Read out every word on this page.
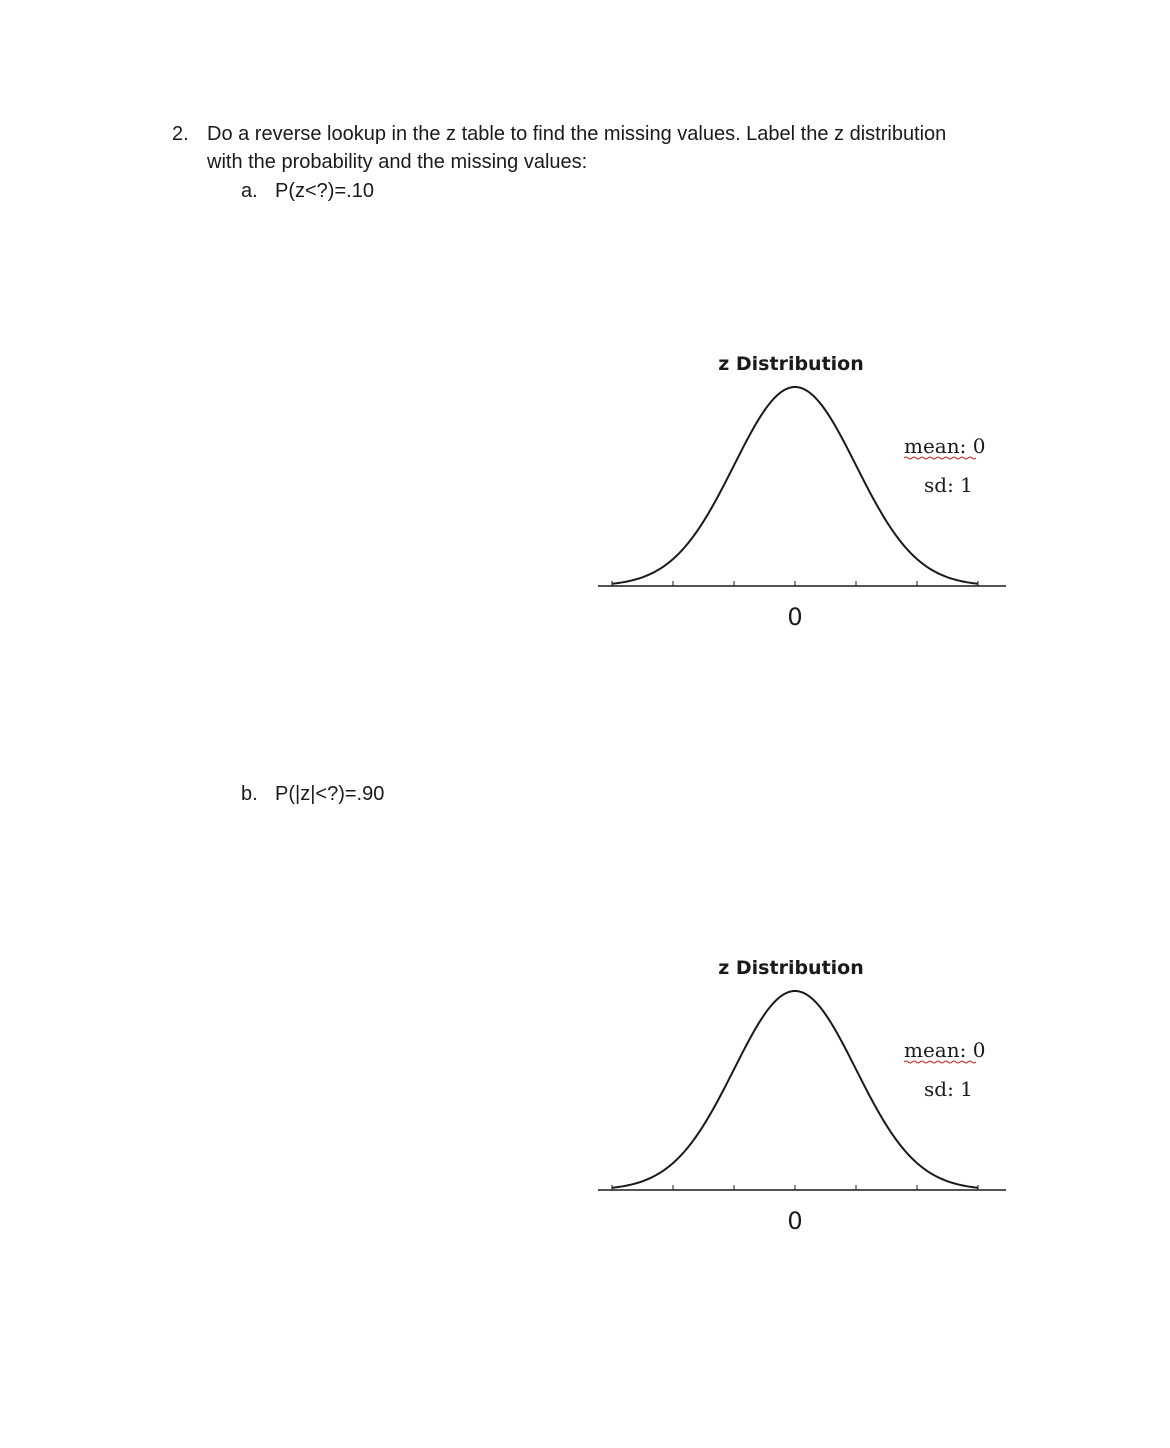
2. Do a reverse lookup in the z table to find the missing values. Label the z distribution
with the probability and the missing values:
a. P(z<?)=.10
z Distribution
mean: 0
sd: 1
0
b. P(|z|<?)=.90
z Distribution
mean: 0
sd: 1
0
